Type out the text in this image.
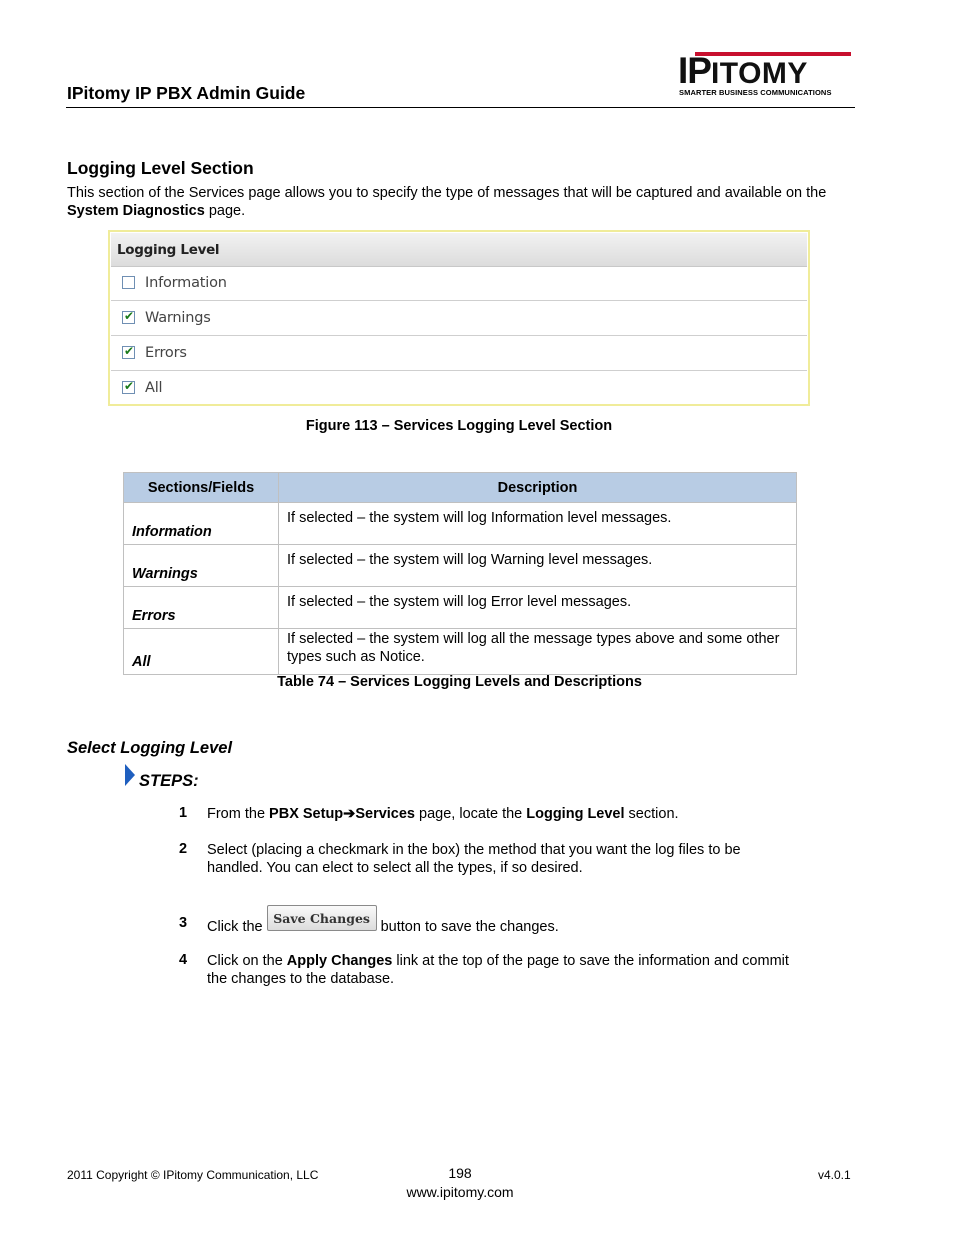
IPitomy IP PBX Admin Guide
IPITOMY
SMARTER BUSINESS COMMUNICATIONS
Logging Level Section
This section of the Services page allows you to specify the type of messages that will be captured and available on the System Diagnostics page.
Logging Level
Information
✔ Warnings
✔ Errors
✔ All
Figure 113 – Services Logging Level Section
Sections/Fields	Description
Information	If selected – the system will log Information level messages.
Warnings	If selected – the system will log Warning level messages.
Errors	If selected – the system will log Error level messages.
All	If selected – the system will log all the message types above and some other types such as Notice.
Table 74 – Services Logging Levels and Descriptions
Select Logging Level
STEPS:
1 From the PBX Setup➔Services page, locate the Logging Level section.
2 Select (placing a checkmark in the box) the method that you want the log files to be handled. You can elect to select all the types, if so desired.
3 Click theSave Changesbutton to save the changes.
4 Click on the Apply Changes link at the top of the page to save the information and commit the changes to the database.
2011 Copyright © IPitomy Communication, LLC	198
www.ipitomy.com
v4.0.1
